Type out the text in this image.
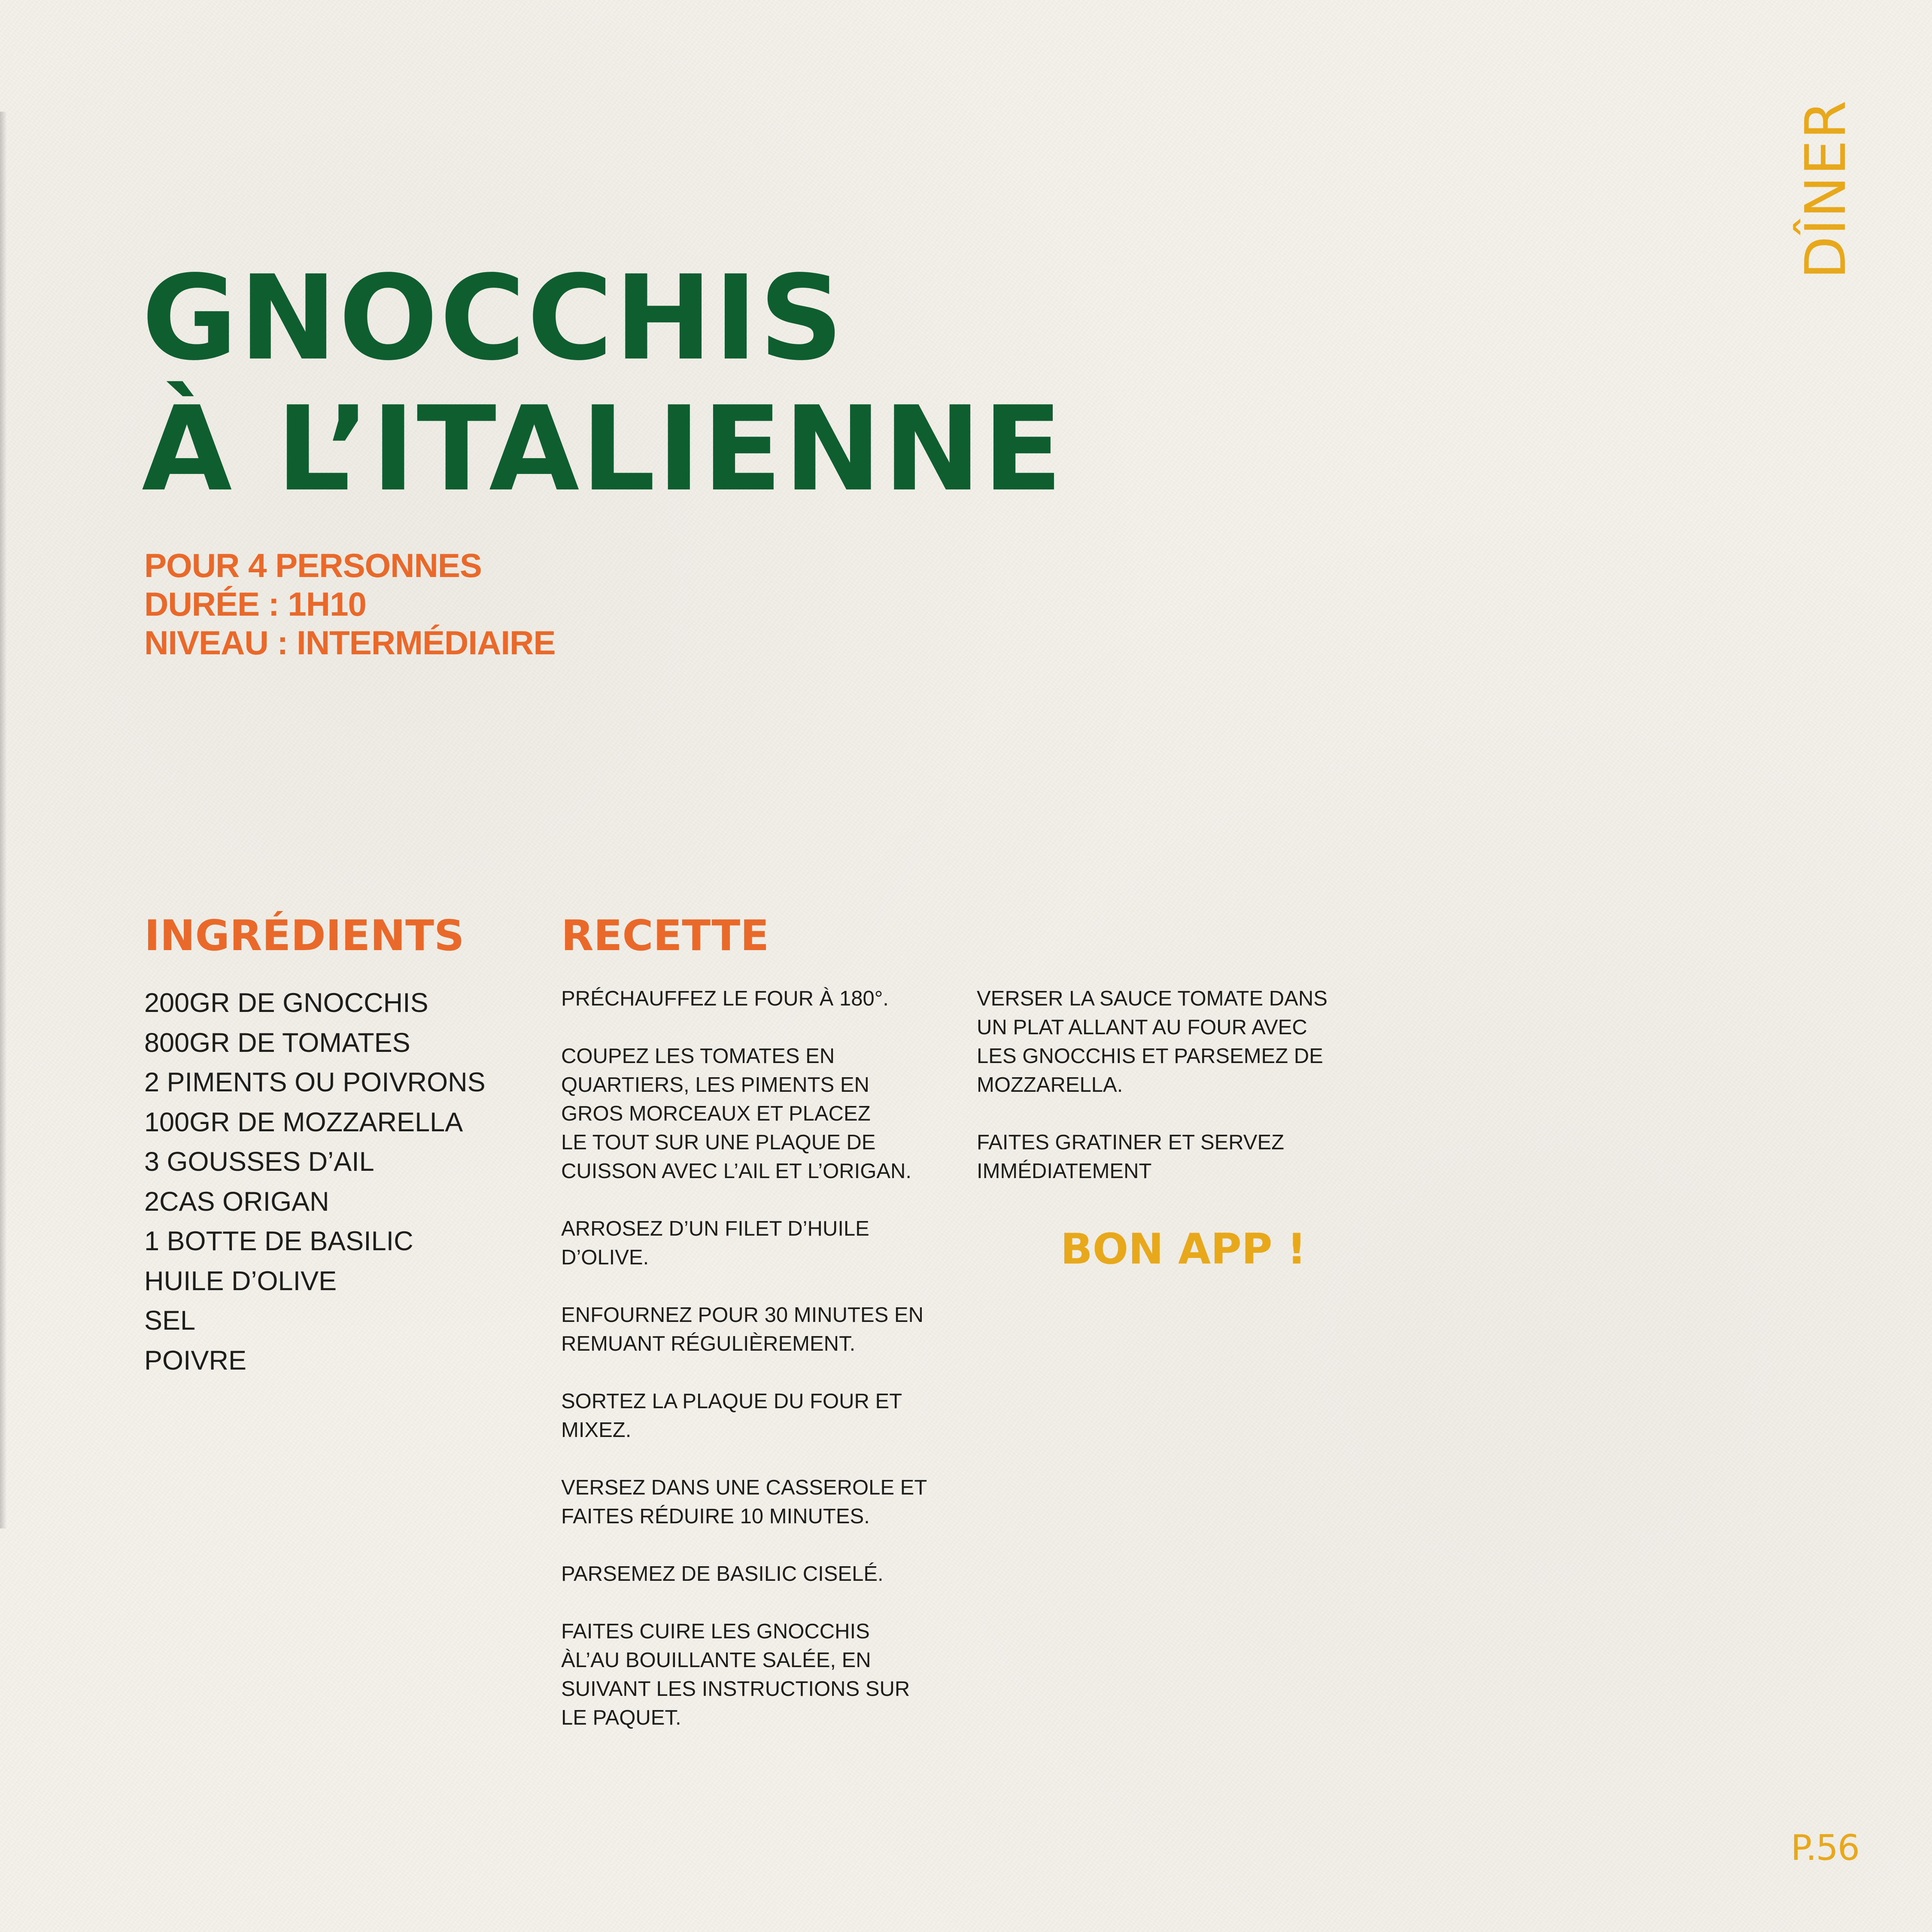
DÎNER
GNOCCHIS
À L’ITALIENNE
POUR 4 PERSONNES
DURÉE : 1H10
NIVEAU : INTERMÉDIAIRE
INGRÉDIENTS
200GR DE GNOCCHIS
800GR DE TOMATES
2 PIMENTS OU POIVRONS
100GR DE MOZZARELLA
3 GOUSSES D’AIL
2CAS ORIGAN
1 BOTTE DE BASILIC
HUILE D’OLIVE
SEL
POIVRE
RECETTE
PRÉCHAUFFEZ LE FOUR À 180°.
COUPEZ LES TOMATES EN
QUARTIERS, LES PIMENTS EN
GROS MORCEAUX ET PLACEZ
LE TOUT SUR UNE PLAQUE DE
CUISSON AVEC L’AIL ET L’ORIGAN.
ARROSEZ D’UN FILET D’HUILE
D’OLIVE.
ENFOURNEZ POUR 30 MINUTES EN
REMUANT RÉGULIÈREMENT.
SORTEZ LA PLAQUE DU FOUR ET
MIXEZ.
VERSEZ DANS UNE CASSEROLE ET
FAITES RÉDUIRE 10 MINUTES.
PARSEMEZ DE BASILIC CISELÉ.
FAITES CUIRE LES GNOCCHIS
ÀL’AU BOUILLANTE SALÉE, EN
SUIVANT LES INSTRUCTIONS SUR
LE PAQUET.
VERSER LA SAUCE TOMATE DANS
UN PLAT ALLANT AU FOUR AVEC
LES GNOCCHIS ET PARSEMEZ DE
MOZZARELLA.
FAITES GRATINER ET SERVEZ
IMMÉDIATEMENT
BON APP !
P.56
